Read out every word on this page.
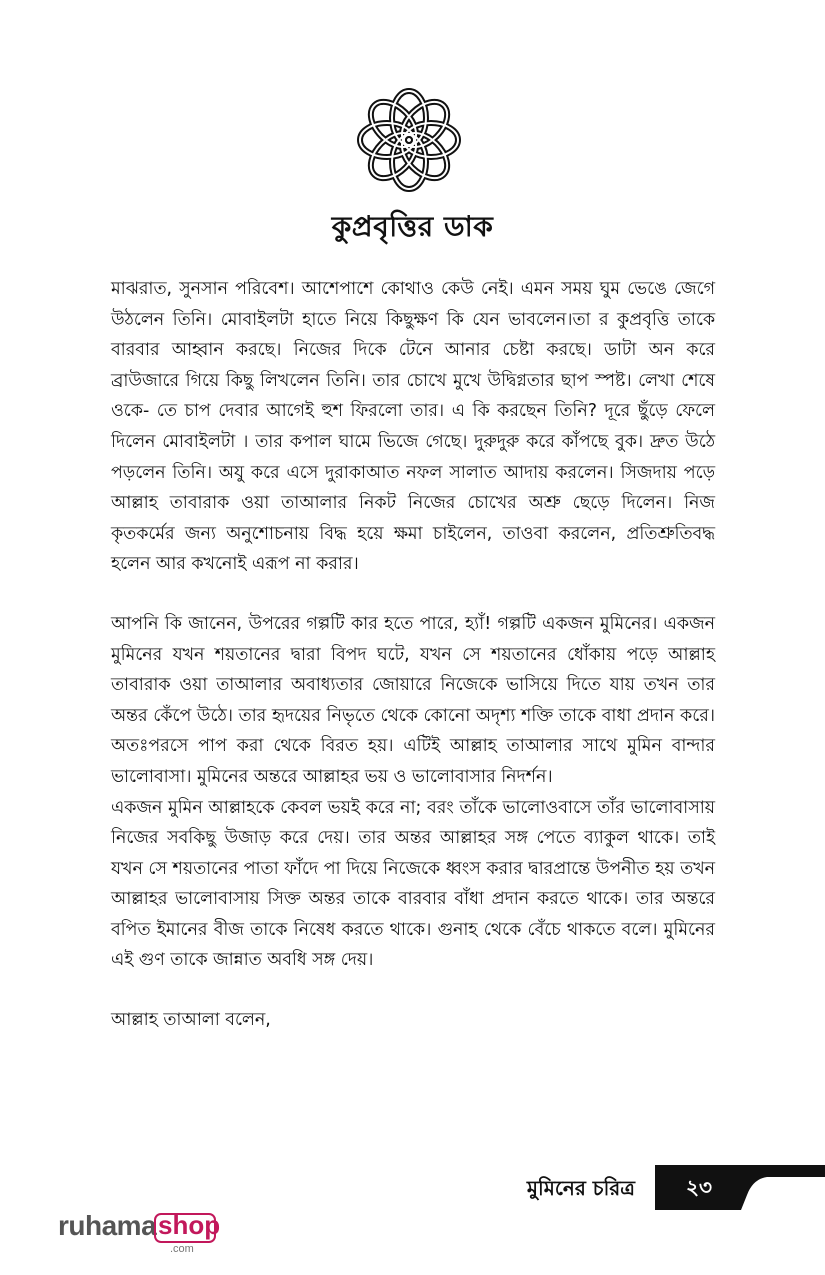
কুপ্রবৃত্তির ডাক

মাঝরাত, সুনসান পরিবেশ। আশেপাশে কোথাও কেউ নেই। এমন সময় ঘুম ভেঙে জেগে উঠলেন তিনি। মোবাইলটা হাতে নিয়ে কিছুক্ষণ কি যেন ভাবলেন।তা র কুপ্রবৃত্তি তাকে বারবার আহ্বান করছে। নিজের দিকে টেনে আনার চেষ্টা করছে। ডাটা অন করে ব্রাউজারে গিয়ে কিছু লিখলেন তিনি। তার চোখে মুখে উদ্বিগ্নতার ছাপ স্পষ্ট। লেখা শেষে ওকে- তে চাপ দেবার আগেই হুশ ফিরলো তার। এ কি করছেন তিনি? দূরে ছুঁড়ে ফেলে দিলেন মোবাইলটা । তার কপাল ঘামে ভিজে গেছে। দুরুদুরু করে কাঁপছে বুক। দ্রুত উঠে পড়লেন তিনি। অযু করে এসে দুরাকাআত নফল সালাত আদায় করলেন। সিজদায় পড়ে আল্লাহ তাবারাক ওয়া তাআলার নিকট নিজের চোখের অশ্রু ছেড়ে দিলেন। নিজ কৃতকর্মের জন্য অনুশোচনায় বিদ্ধ হয়ে ক্ষমা চাইলেন, তাওবা করলেন, প্রতিশ্রুতিবদ্ধ হলেন আর কখনোই এরূপ না করার।

আপনি কি জানেন, উপরের গল্পটি কার হতে পারে, হ্যাঁ! গল্পটি একজন মুমিনের। একজন মুমিনের যখন শয়তানের দ্বারা বিপদ ঘটে, যখন সে শয়তানের ধোঁকায় পড়ে আল্লাহ তাবারাক ওয়া তাআলার অবাধ্যতার জোয়ারে নিজেকে ভাসিয়ে দিতে যায় তখন তার অন্তর কেঁপে উঠে। তার হৃদয়ের নিভৃতে থেকে কোনো অদৃশ্য শক্তি তাকে বাধা প্রদান করে। অতঃপরসে পাপ করা থেকে বিরত হয়। এটিই আল্লাহ তাআলার সাথে মুমিন বান্দার ভালোবাসা। মুমিনের অন্তরে আল্লাহর ভয় ও ভালোবাসার নিদর্শন।

একজন মুমিন আল্লাহকে কেবল ভয়ই করে না; বরং তাঁকে ভালোওবাসে তাঁর ভালোবাসায় নিজের সবকিছু উজাড় করে দেয়। তার অন্তর আল্লাহর সঙ্গ পেতে ব্যাকুল থাকে। তাই যখন সে শয়তানের পাতা ফাঁদে পা দিয়ে নিজেকে ধ্বংস করার দ্বারপ্রান্তে উপনীত হয় তখন আল্লাহর ভালোবাসায় সিক্ত অন্তর তাকে বারবার বাঁধা প্রদান করতে থাকে। তার অন্তরে বপিত ইমানের বীজ তাকে নিষেধ করতে থাকে। গুনাহ থেকে বেঁচে থাকতে বলে। মুমিনের এই গুণ তাকে জান্নাত অবধি সঙ্গ দেয়।

আল্লাহ তাআলা বলেন,

মুমিনের চরিত্র	২৩
ruhama shop
.com
